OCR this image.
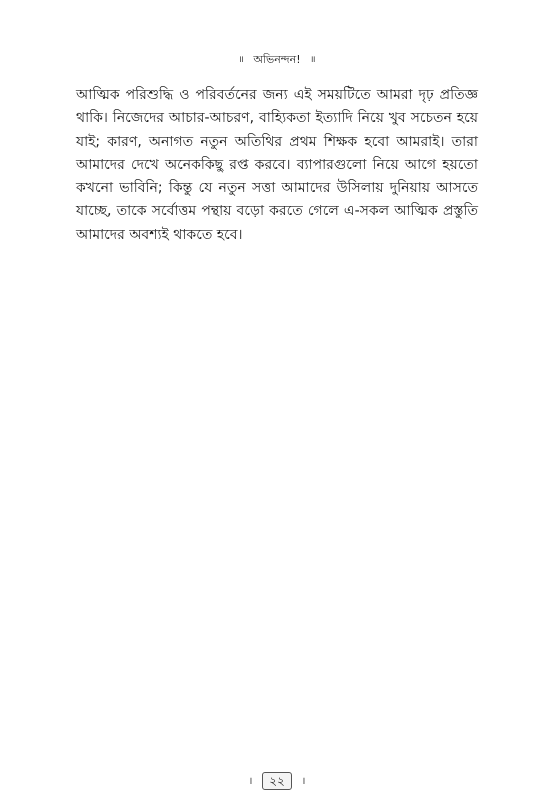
॥ অভিনন্দন! ॥

আত্মিক পরিশুদ্ধি ও পরিবর্তনের জন্য এই সময়টিতে আমরা দৃঢ় প্রতিজ্ঞ থাকি। নিজেদের আচার-আচরণ, বাহ্যিকতা ইত্যাদি নিয়ে খুব সচেতন হয়ে যাই; কারণ, অনাগত নতুন অতিথির প্রথম শিক্ষক হবো আমরাই। তারা আমাদের দেখে অনেককিছু রপ্ত করবে। ব্যাপারগুলো নিয়ে আগে হয়তো কখনো ভাবিনি; কিন্তু যে নতুন সত্তা আমাদের উসিলায় দুনিয়ায় আসতে যাচ্ছে, তাকে সর্বোত্তম পন্থায় বড়ো করতে গেলে এ-সকল আত্মিক প্রস্তুতি আমাদের অবশ্যই থাকতে হবে।

। ২২ ।
